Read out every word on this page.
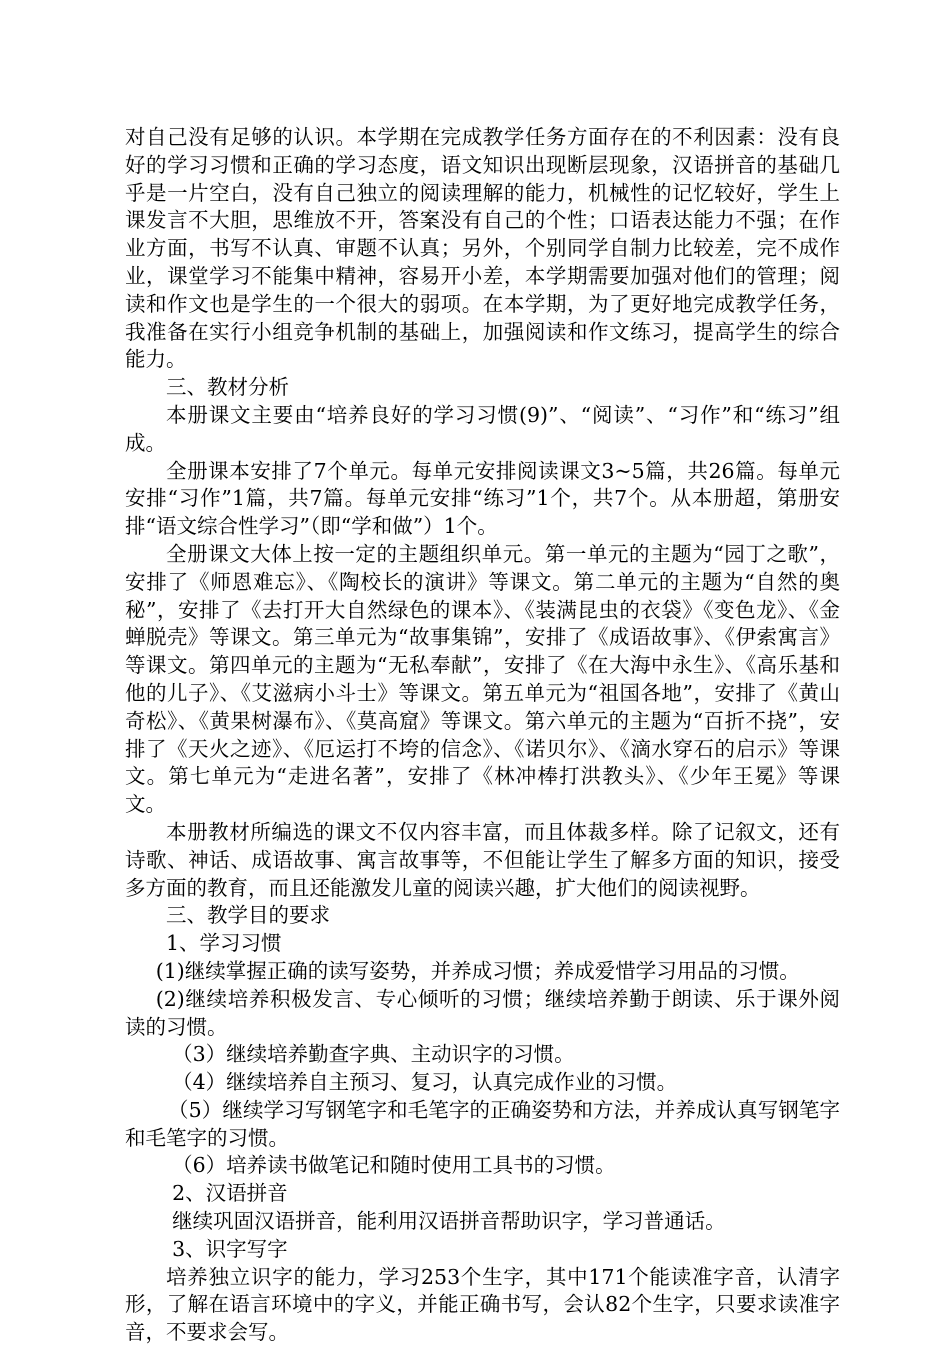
对自己没有足够的认识。本学期在完成教学任务方面存在的不利因素：没有良好的学习习惯和正确的学习态度，语文知识出现断层现象，汉语拼音的基础几乎是一片空白，没有自己独立的阅读理解的能力，机械性的记忆较好，学生上课发言不大胆，思维放不开，答案没有自己的个性；口语表达能力不强；在作业方面，书写不认真、审题不认真；另外，个别同学自制力比较差，完不成作业，课堂学习不能集中精神，容易开小差，本学期需要加强对他们的管理；阅读和作文也是学生的一个很大的弱项。在本学期，为了更好地完成教学任务，我准备在实行小组竞争机制的基础上，加强阅读和作文练习，提高学生的综合能力。

三、教材分析

本册课文主要由“培养良好的学习习惯(9)”、“阅读”、“习作”和“练习”组成。

全册课本安排了7个单元。每单元安排阅读课文3~5篇，共26篇。每单元安排“习作”1篇，共7篇。每单元安排“练习”1个，共7个。从本册超，第册安排“语文综合性学习”（即“学和做”）1个。

全册课文大体上按一定的主题组织单元。第一单元的主题为“园丁之歌”，安排了《师恩难忘》、《陶校长的演讲》等课文。第二单元的主题为“自然的奥秘”，安排了《去打开大自然绿色的课本》、《装满昆虫的衣袋》《变色龙》、《金蝉脱壳》等课文。第三单元为“故事集锦”，安排了《成语故事》、《伊索寓言》等课文。第四单元的主题为“无私奉献”，安排了《在大海中永生》、《高乐基和他的儿子》、《艾滋病小斗士》等课文。第五单元为“祖国各地”，安排了《黄山奇松》、《黄果树瀑布》、《莫高窟》等课文。第六单元的主题为“百折不挠”，安排了《天火之迹》、《厄运打不垮的信念》、《诺贝尔》、《滴水穿石的启示》等课文。第七单元为“走进名著”，安排了《林冲棒打洪教头》、《少年王冕》等课文。

本册教材所编选的课文不仅内容丰富，而且体裁多样。除了记叙文，还有诗歌、神话、成语故事、寓言故事等，不但能让学生了解多方面的知识，接受多方面的教育，而且还能激发儿童的阅读兴趣，扩大他们的阅读视野。

三、教学目的要求

1、学习习惯

(1)继续掌握正确的读写姿势，并养成习惯；养成爱惜学习用品的习惯。

(2)继续培养积极发言、专心倾听的习惯；继续培养勤于朗读、乐于课外阅读的习惯。

（3）继续培养勤查字典、主动识字的习惯。

（4）继续培养自主预习、复习，认真完成作业的习惯。

（5）继续学习写钢笔字和毛笔字的正确姿势和方法，并养成认真写钢笔字和毛笔字的习惯。

（6）培养读书做笔记和随时使用工具书的习惯。

2、汉语拼音

继续巩固汉语拼音，能利用汉语拼音帮助识字，学习普通话。

3、识字写字

培养独立识字的能力，学习253个生字，其中171个能读准字音，认清字形，了解在语言环境中的字义，并能正确书写，会认82个生字，只要求读准字音，不要求会写。
